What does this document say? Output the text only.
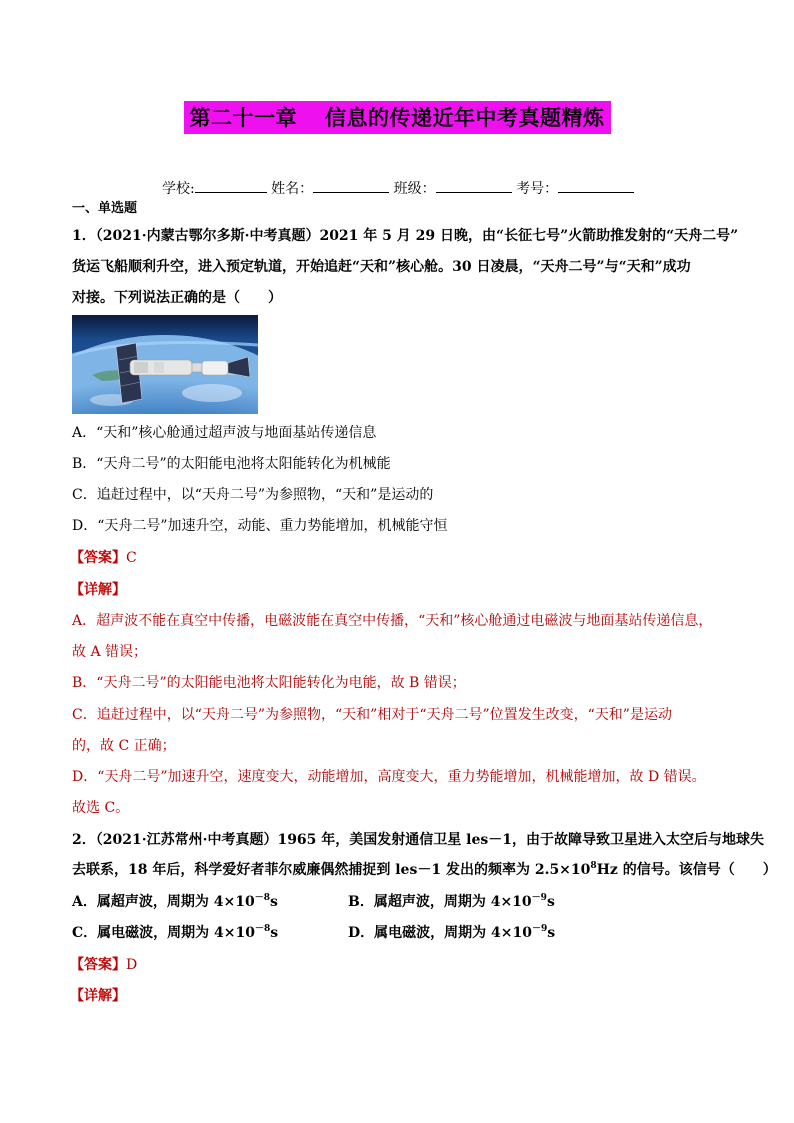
第二十一章 信息的传递近年中考真题精炼
学校:	姓名：	班级：	考号：
一、单选题
1．（2021·内蒙古鄂尔多斯·中考真题）2021 年 5 月 29 日晚，由“长征七号”火箭助推发射的“天舟二号”
货运飞船顺利升空，进入预定轨道，开始追赶“天和”核心舱。30 日凌晨，“天舟二号”与“天和”成功
对接。下列说法正确的是（　　）
A．“天和”核心舱通过超声波与地面基站传递信息
B．“天舟二号”的太阳能电池将太阳能转化为机械能
C．追赶过程中，以“天舟二号”为参照物，“天和”是运动的
D．“天舟二号”加速升空，动能、重力势能增加，机械能守恒
【答案】C
【详解】
A．超声波不能在真空中传播，电磁波能在真空中传播，“天和”核心舱通过电磁波与地面基站传递信息，
故 A 错误；
B．“天舟二号”的太阳能电池将太阳能转化为电能，故 B 错误；
C．追赶过程中，以“天舟二号”为参照物，“天和”相对于“天舟二号”位置发生改变，“天和”是运动
的，故 C 正确；
D．“天舟二号”加速升空，速度变大，动能增加，高度变大，重力势能增加，机械能增加，故 D 错误。
故选 C。
2．（2021·江苏常州·中考真题）1965 年，美国发射通信卫星 les－1，由于故障导致卫星进入太空后与地球失
去联系，18 年后，科学爱好者菲尔威廉偶然捕捉到 les－1 发出的频率为 $2.5\times 10^8Hz$ 的信号。该信号（　　）
A．属超声波，周期为 $4\times 10^{-8}s$	B．属超声波，周期为 $4\times 10^{-9}s$
C．属电磁波，周期为 $4\times 10^{-8}s$	D．属电磁波，周期为 $4\times 10^{-9}s$
【答案】D
【详解】
